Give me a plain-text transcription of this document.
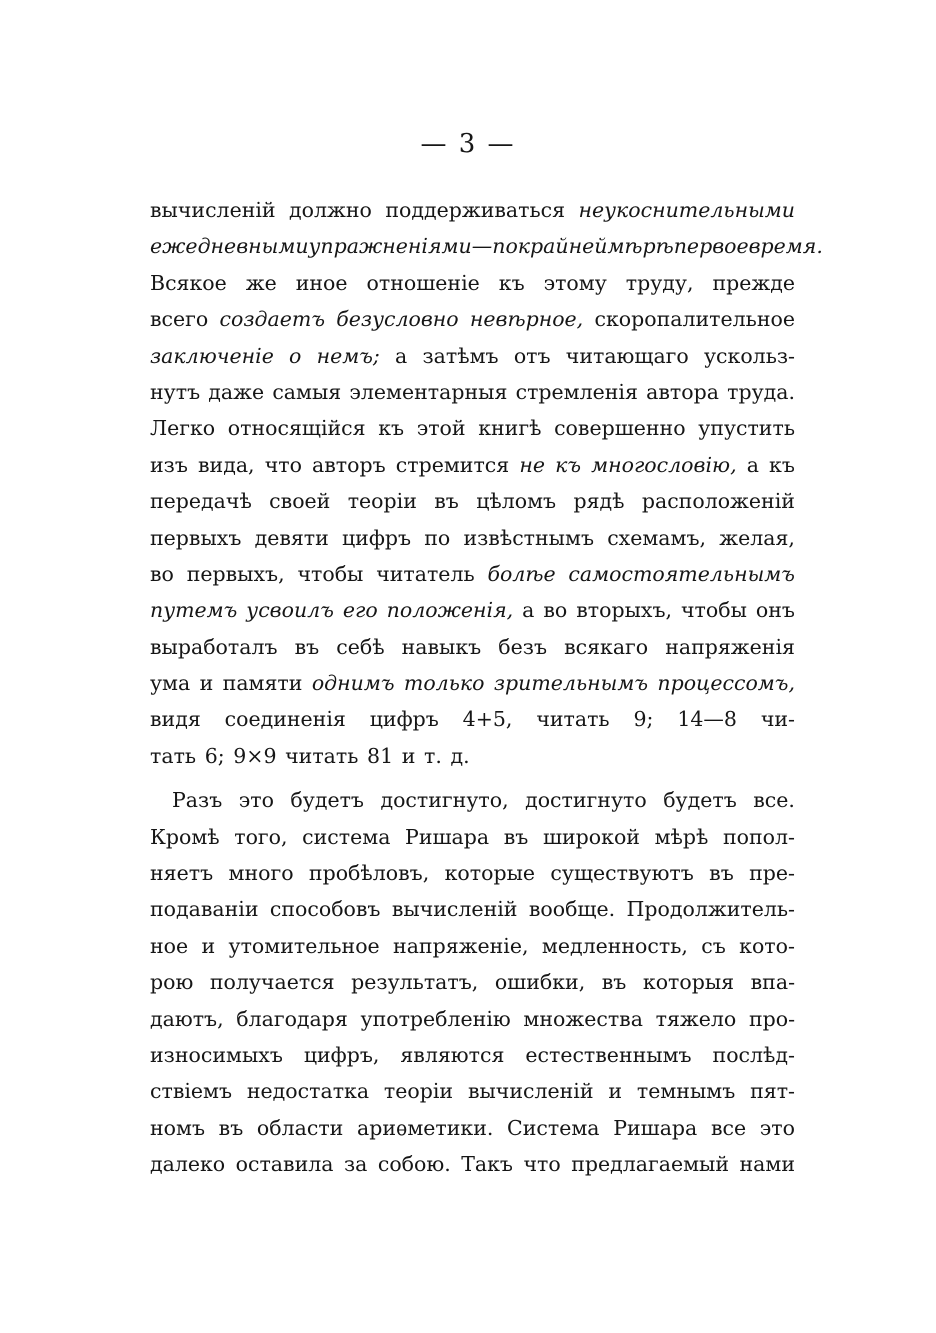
— 3 —
вычисленій должно поддерживаться неукоснительными
ежедневными упражненіями—по крайней мѣрѣ первое время.
Всякое же иное отношеніе къ этому труду, прежде
всего создаетъ безусловно невѣрное, скоропалительное
заключеніе о немъ; а затѣмъ отъ читающаго ускольз-
нутъ даже самыя элементарныя стремленія автора труда.
Легко относящійся къ этой книгѣ совершенно упустить
изъ вида, что авторъ стремится не къ многословію, а къ
передачѣ своей теоріи въ цѣломъ рядѣ расположеній
первыхъ девяти цифръ по извѣстнымъ схемамъ, желая,
во первыхъ, чтобы читатель болѣе самостоятельнымъ
путемъ усвоилъ его положенія, а во вторыхъ, чтобы онъ
выработалъ въ себѣ навыкъ безъ всякаго напряженія
ума и памяти однимъ только зрительнымъ процессомъ,
видя соединенія цифръ 4+5, читать 9; 14—8 чи-
тать 6; 9×9 читать 81 и т. д.
Разъ это будетъ достигнуто, достигнуто будетъ все.
Кромѣ того, система Ришара въ широкой мѣрѣ попол-
няетъ много пробѣловъ, которые существуютъ въ пре-
подаваніи способовъ вычисленій вообще. Продолжитель-
ное и утомительное напряженіе, медленность, съ кото-
рою получается результатъ, ошибки, въ которыя впа-
даютъ, благодаря употребленію множества тяжело про-
износимыхъ цифръ, являются естественнымъ послѣд-
ствіемъ недостатка теоріи вычисленій и темнымъ пят-
номъ въ области ариѳметики. Система Ришара все это
далеко оставила за собою. Такъ что предлагаемый нами
